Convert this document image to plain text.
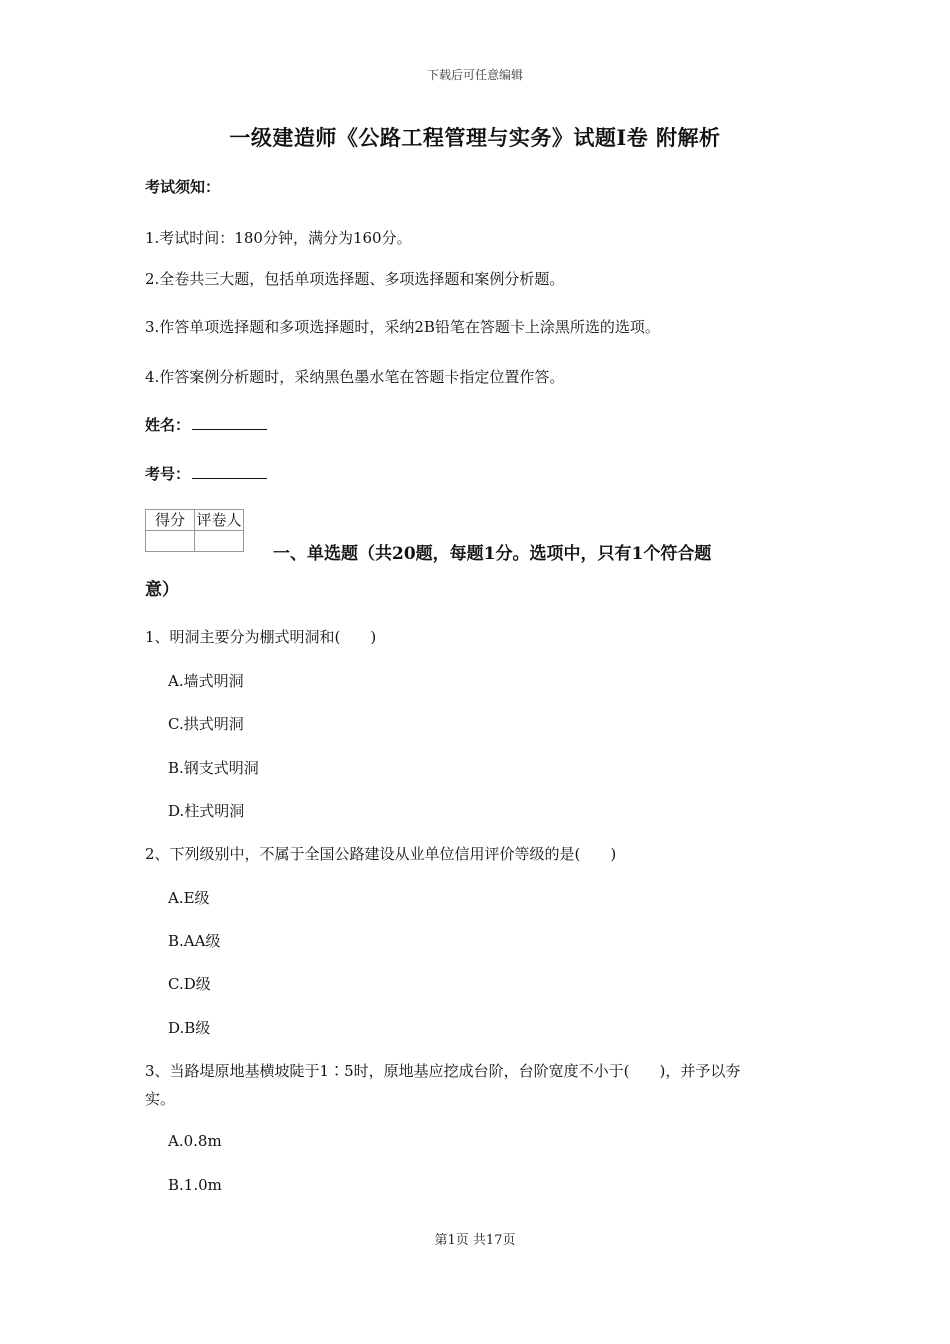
下载后可任意编辑
一级建造师《公路工程管理与实务》试题I卷 附解析
考试须知：
1.考试时间：180分钟，满分为160分。
2.全卷共三大题，包括单项选择题、多项选择题和案例分析题。
3.作答单项选择题和多项选择题时，采纳2B铅笔在答题卡上涂黑所选的选项。
4.作答案例分析题时，采纳黑色墨水笔在答题卡指定位置作答。
姓名：
考号：
得分	评卷人

一、单选题（共20题，每题1分。选项中，只有1个符合题
意）
1、明洞主要分为棚式明洞和(　　)
A.墙式明洞
C.拱式明洞
B.钢支式明洞
D.柱式明洞
2、下列级别中，不属于全国公路建设从业单位信用评价等级的是(　　)
A.E级
B.AA级
C.D级
D.B级
3、当路堤原地基横坡陡于1∶5时，原地基应挖成台阶，台阶宽度不小于(　　)，并予以夯
实。
A.0.8m
B.1.0m
第1页 共17页
